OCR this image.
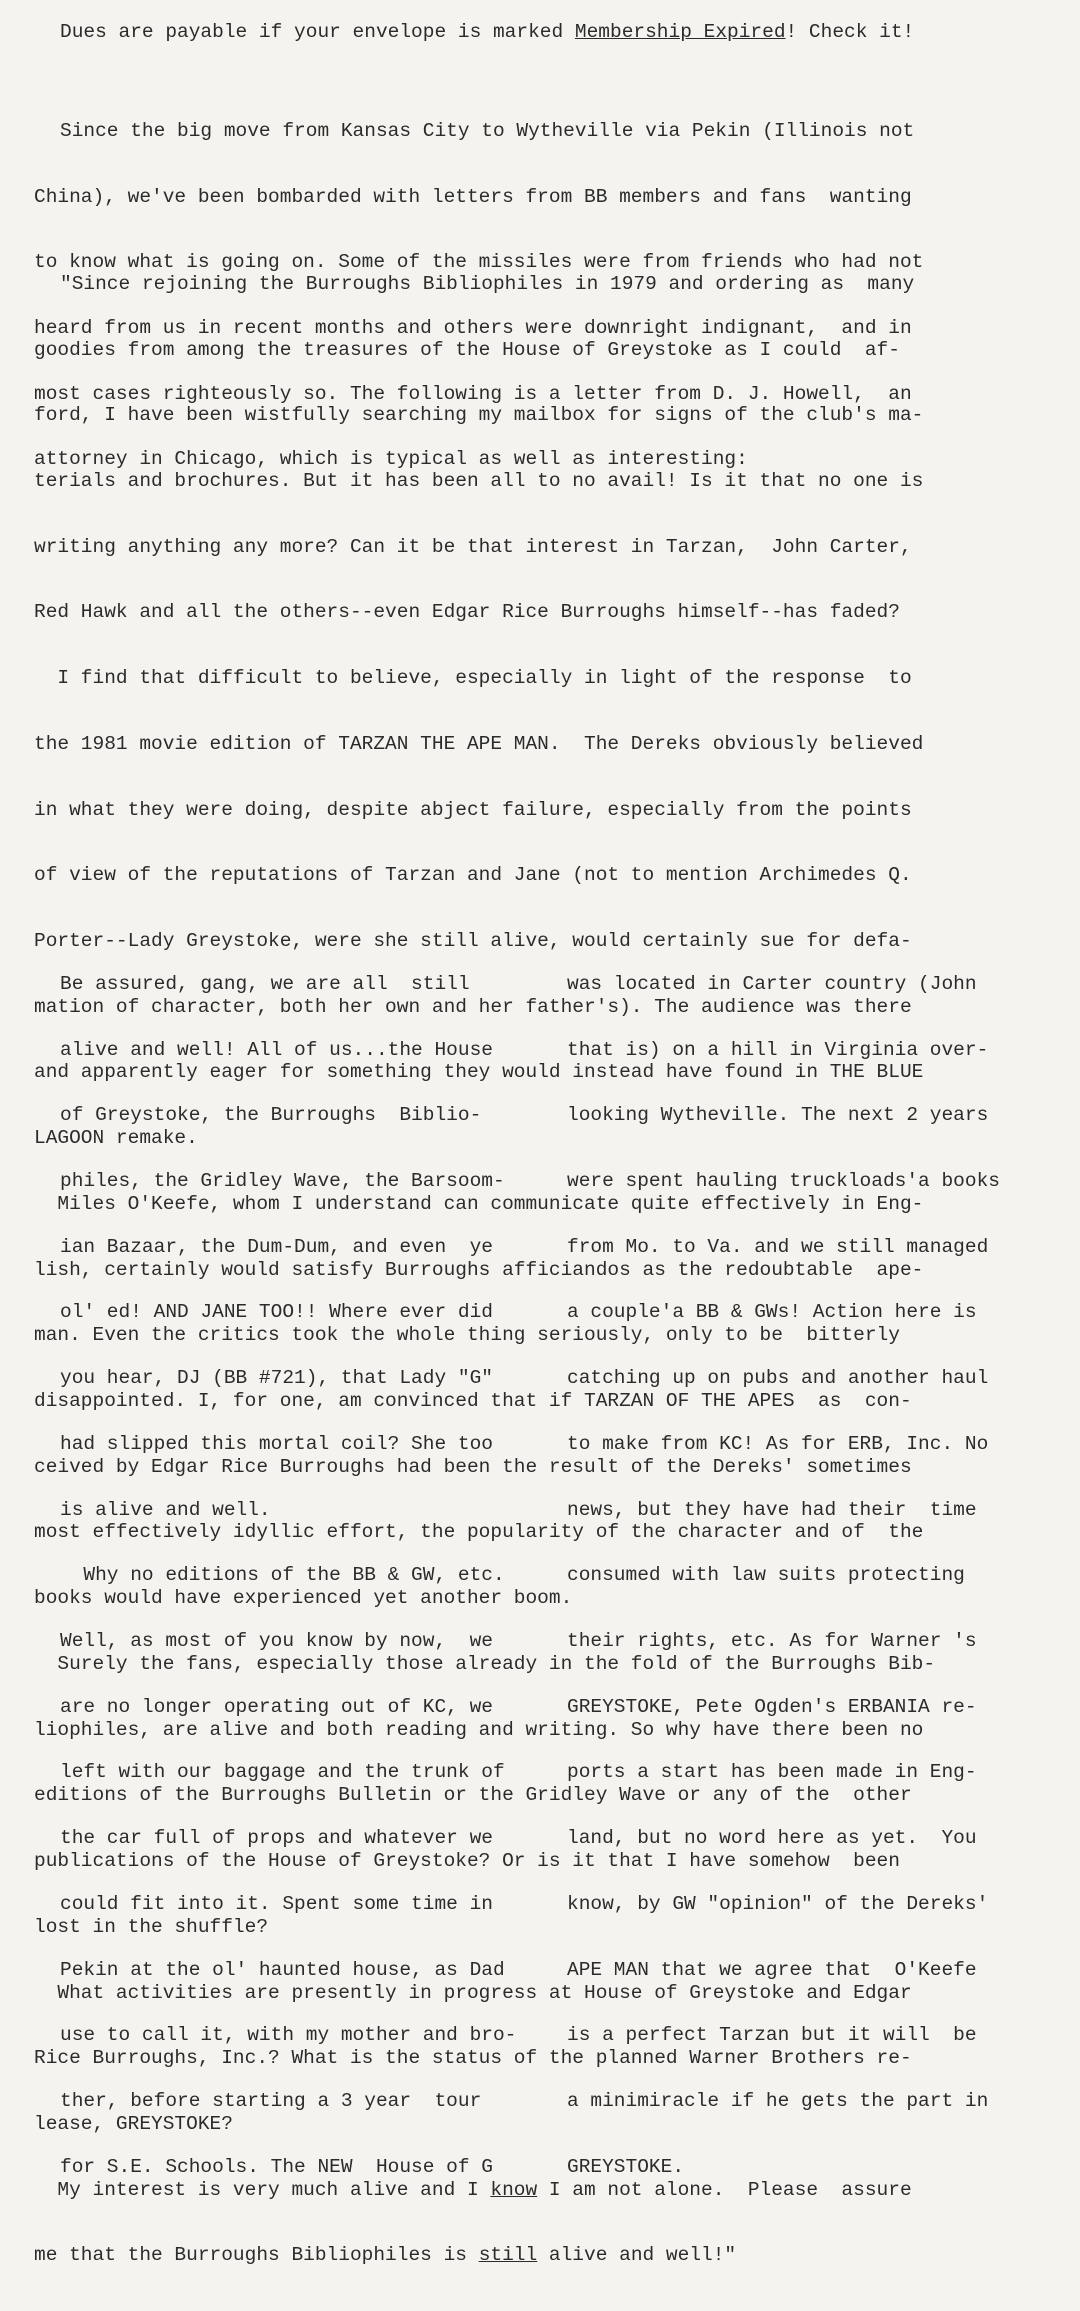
Dues are payable if your envelope is marked Membership Expired! Check it!

Since the big move from Kansas City to Wytheville via Pekin (Illinois not

China), we've been bombarded with letters from BB members and fans  wanting

to know what is going on. Some of the missiles were from friends who had not

heard from us in recent months and others were downright indignant,  and in

most cases righteously so. The following is a letter from D. J. Howell,  an

attorney in Chicago, which is typical as well as interesting:

"Since rejoining the Burroughs Bibliophiles in 1979 and ordering as  many

goodies from among the treasures of the House of Greystoke as I could  af-

ford, I have been wistfully searching my mailbox for signs of the club's ma-

terials and brochures. But it has been all to no avail! Is it that no one is

writing anything any more? Can it be that interest in Tarzan,  John Carter,

Red Hawk and all the others--even Edgar Rice Burroughs himself--has faded?

I find that difficult to believe, especially in light of the response  to

the 1981 movie edition of TARZAN THE APE MAN.  The Dereks obviously believed

in what they were doing, despite abject failure, especially from the points

of view of the reputations of Tarzan and Jane (not to mention Archimedes Q.

Porter--Lady Greystoke, were she still alive, would certainly sue for defa-

mation of character, both her own and her father's). The audience was there

and apparently eager for something they would instead have found in THE BLUE

LAGOON remake.

Miles O'Keefe, whom I understand can communicate quite effectively in Eng-

lish, certainly would satisfy Burroughs afficiandos as the redoubtable  ape-

man. Even the critics took the whole thing seriously, only to be  bitterly

disappointed. I, for one, am convinced that if TARZAN OF THE APES  as  con-

ceived by Edgar Rice Burroughs had been the result of the Dereks' sometimes

most effectively idyllic effort, the popularity of the character and of  the

books would have experienced yet another boom.

Surely the fans, especially those already in the fold of the Burroughs Bib-

liophiles, are alive and both reading and writing. So why have there been no

editions of the Burroughs Bulletin or the Gridley Wave or any of the  other

publications of the House of Greystoke? Or is it that I have somehow  been

lost in the shuffle?

What activities are presently in progress at House of Greystoke and Edgar

Rice Burroughs, Inc.? What is the status of the planned Warner Brothers re-

lease, GREYSTOKE?

My interest is very much alive and I know I am not alone.  Please  assure

me that the Burroughs Bibliophiles is still alive and well!"

Be assured, gang, we are all  still

alive and well! All of us...the House

of Greystoke, the Burroughs  Biblio-

philes, the Gridley Wave, the Barsoom-

ian Bazaar, the Dum-Dum, and even  ye

ol' ed! AND JANE TOO!! Where ever did

you hear, DJ (BB #721), that Lady "G"

had slipped this mortal coil? She too

is alive and well.

Why no editions of the BB & GW, etc.

Well, as most of you know by now,  we

are no longer operating out of KC, we

left with our baggage and the trunk of

the car full of props and whatever we

could fit into it. Spent some time in

Pekin at the ol' haunted house, as Dad

use to call it, with my mother and bro-

ther, before starting a 3 year  tour

for S.E. Schools. The NEW  House of G

was located in Carter country (John

that is) on a hill in Virginia over-

looking Wytheville. The next 2 years

were spent hauling truckloads'a books

from Mo. to Va. and we still managed

a couple'a BB & GWs! Action here is

catching up on pubs and another haul

to make from KC! As for ERB, Inc. No

news, but they have had their  time

consumed with law suits protecting

their rights, etc. As for Warner 's

GREYSTOKE, Pete Ogden's ERBANIA re-

ports a start has been made in Eng-

land, but no word here as yet.  You

know, by GW "opinion" of the Dereks'

APE MAN that we agree that  O'Keefe

is a perfect Tarzan but it will  be

a minimiracle if he gets the part in

GREYSTOKE.
